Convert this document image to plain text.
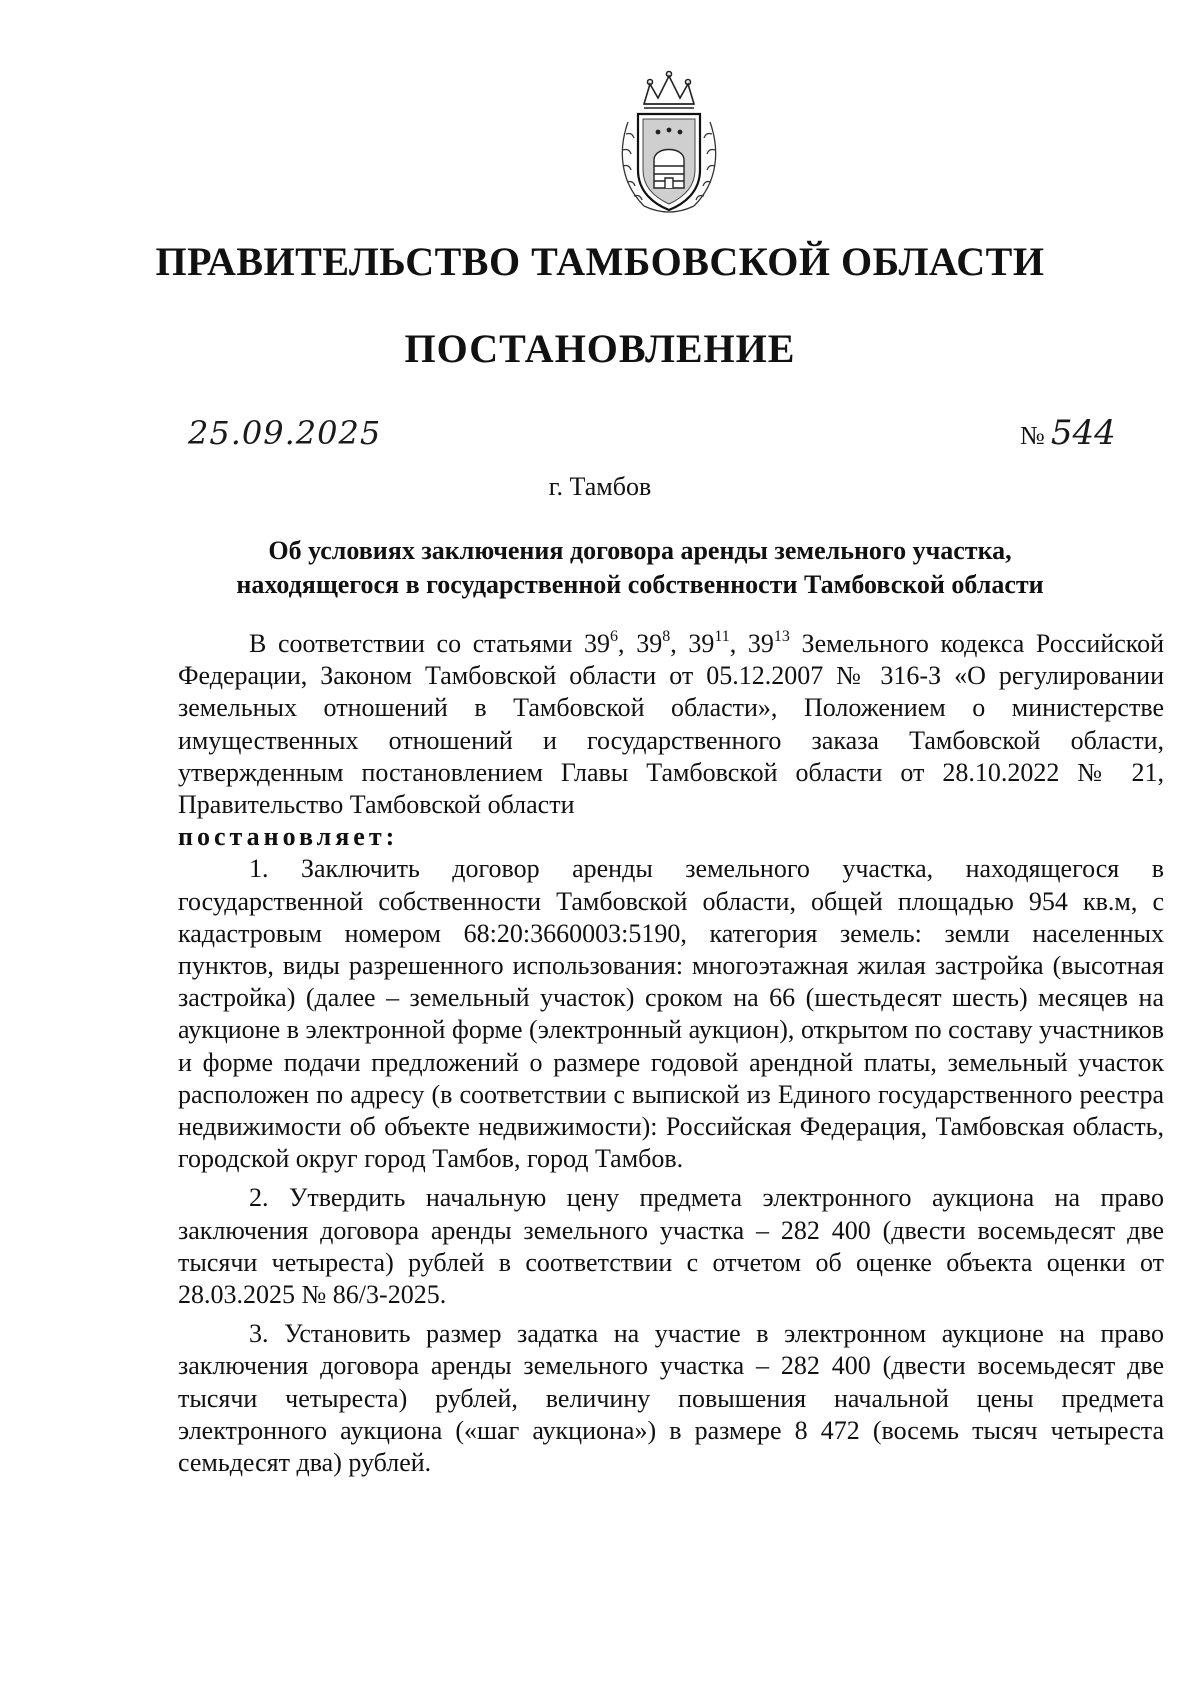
ПРАВИТЕЛЬСТВО ТАМБОВСКОЙ ОБЛАСТИ
ПОСТАНОВЛЕНИЕ
25.09.2025	№ 544
г. Тамбов
Об условиях заключения договора аренды земельного участка,
находящегося в государственной собственности Тамбовской области

В соответствии со статьями $39^6$, $39^8$, $39^{11}$, $39^{13}$ Земельного кодекса Российской Федерации, Законом Тамбовской области от 05.12.2007 № 316-З «О регулировании земельных отношений в Тамбовской области», Положением о министерстве имущественных отношений и государственного заказа Тамбовской области, утвержденным постановлением Главы Тамбовской области от 28.10.2022 № 21, Правительство Тамбовской области

постановляет:

1. Заключить договор аренды земельного участка, находящегося в государственной собственности Тамбовской области, общей площадью 954 кв.м, с кадастровым номером 68:20:3660003:5190, категория земель: земли населенных пунктов, виды разрешенного использования: многоэтажная жилая застройка (высотная застройка) (далее – земельный участок) сроком на 66 (шестьдесят шесть) месяцев на аукционе в электронной форме (электронный аукцион), открытом по составу участников и форме подачи предложений о размере годовой арендной платы, земельный участок расположен по адресу (в соответствии с выпиской из Единого государственного реестра недвижимости об объекте недвижимости): Российская Федерация, Тамбовская область, городской округ город Тамбов, город Тамбов.

2. Утвердить начальную цену предмета электронного аукциона на право заключения договора аренды земельного участка – 282 400 (двести восемьдесят две тысячи четыреста) рублей в соответствии с отчетом об оценке объекта оценки от 28.03.2025 № 86/3-2025.

3. Установить размер задатка на участие в электронном аукционе на право заключения договора аренды земельного участка – 282 400 (двести восемьдесят две тысячи четыреста) рублей, величину повышения начальной цены предмета электронного аукциона («шаг аукциона») в размере 8 472 (восемь тысяч четыреста семьдесят два) рублей.
